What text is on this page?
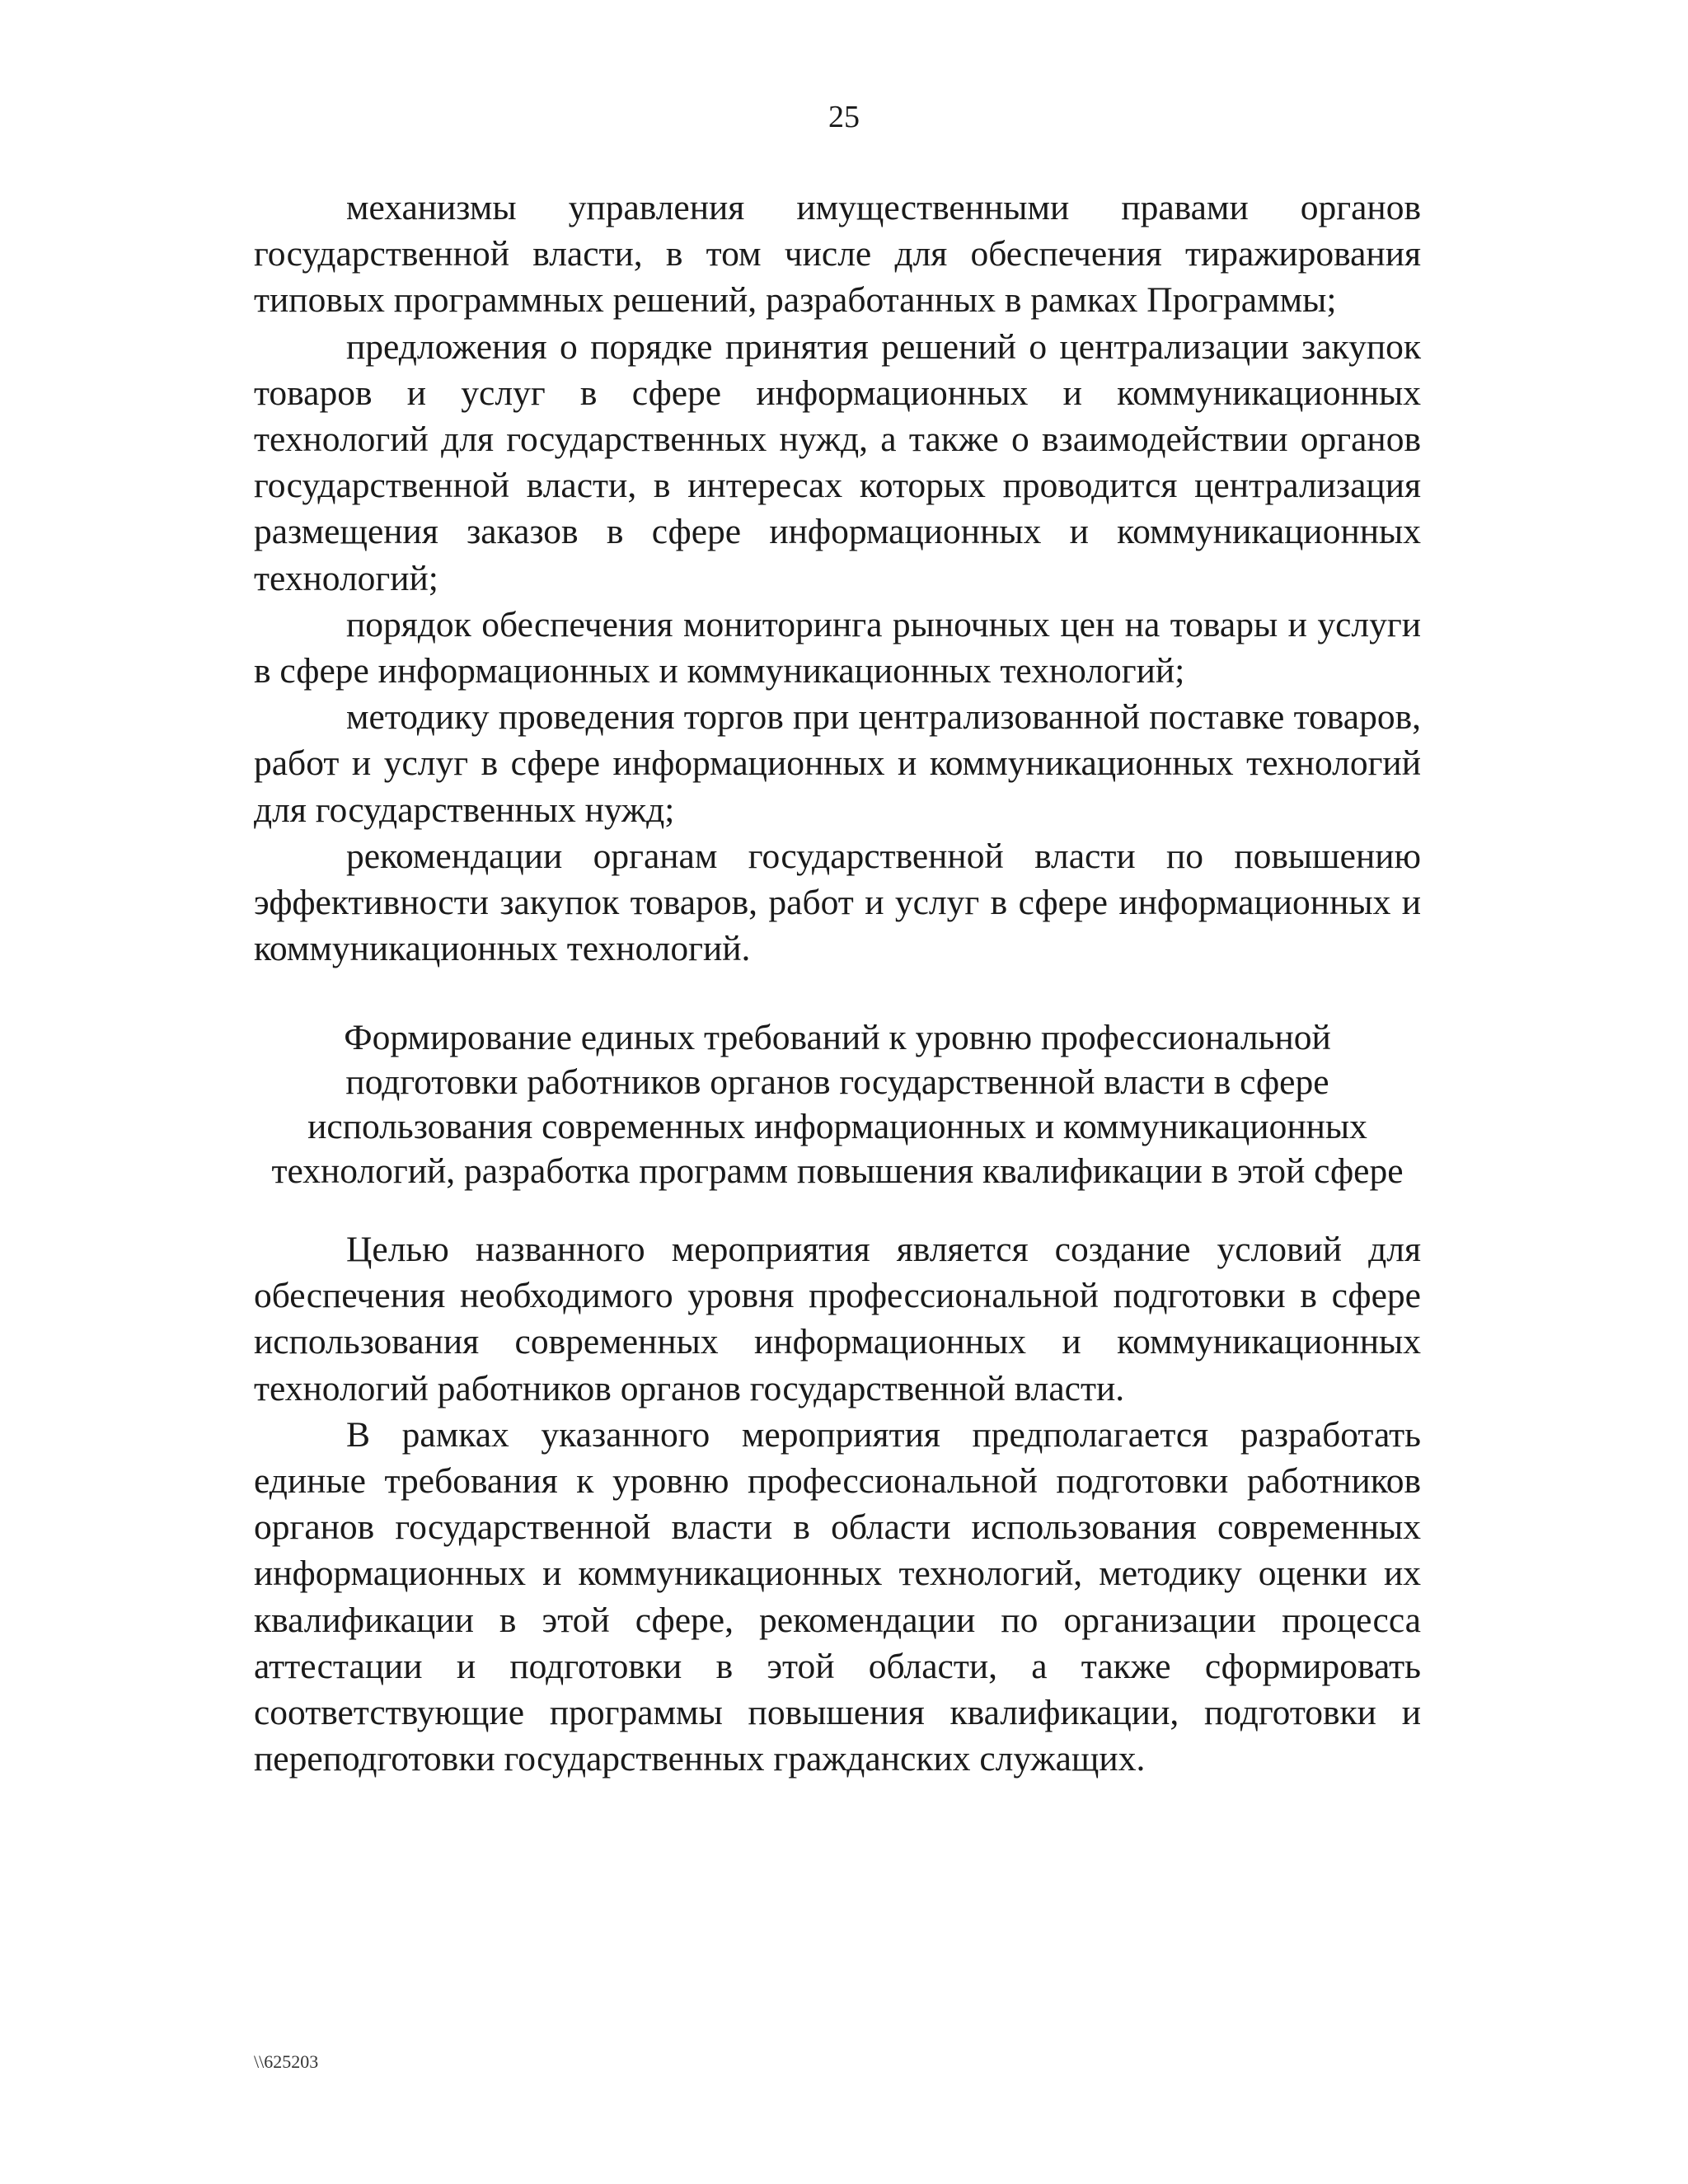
25

механизмы управления имущественными правами органов государственной власти, в том числе для обеспечения тиражирования типовых программных решений, разработанных в рамках Программы;

предложения о порядке принятия решений о централизации закупок товаров и услуг в сфере информационных и коммуникационных технологий для государственных нужд, а также о взаимодействии органов государственной власти, в интересах которых проводится централизация размещения заказов в сфере информационных и коммуникационных технологий;

порядок обеспечения мониторинга рыночных цен на товары и услуги в сфере информационных и коммуникационных технологий;

методику проведения торгов при централизованной поставке товаров, работ и услуг в сфере информационных и коммуникационных технологий для государственных нужд;

рекомендации органам государственной власти по повышению эффективности закупок товаров, работ и услуг в сфере информационных и коммуникационных технологий.

Формирование единых требований к уровню профессиональной
подготовки работников органов государственной власти в сфере
использования современных информационных и коммуникационных
технологий, разработка программ повышения квалификации в этой сфере

Целью названного мероприятия является создание условий для обеспечения необходимого уровня профессиональной подготовки в сфере использования современных информационных и коммуникационных технологий работников органов государственной власти.

В рамках указанного мероприятия предполагается разработать единые требования к уровню профессиональной подготовки работников органов государственной власти в области использования современных информационных и коммуникационных технологий, методику оценки их квалификации в этой сфере, рекомендации по организации процесса аттестации и подготовки в этой области, а также сформировать соответствующие программы повышения квалификации, подготовки и переподготовки государственных гражданских служащих.

\\625203
